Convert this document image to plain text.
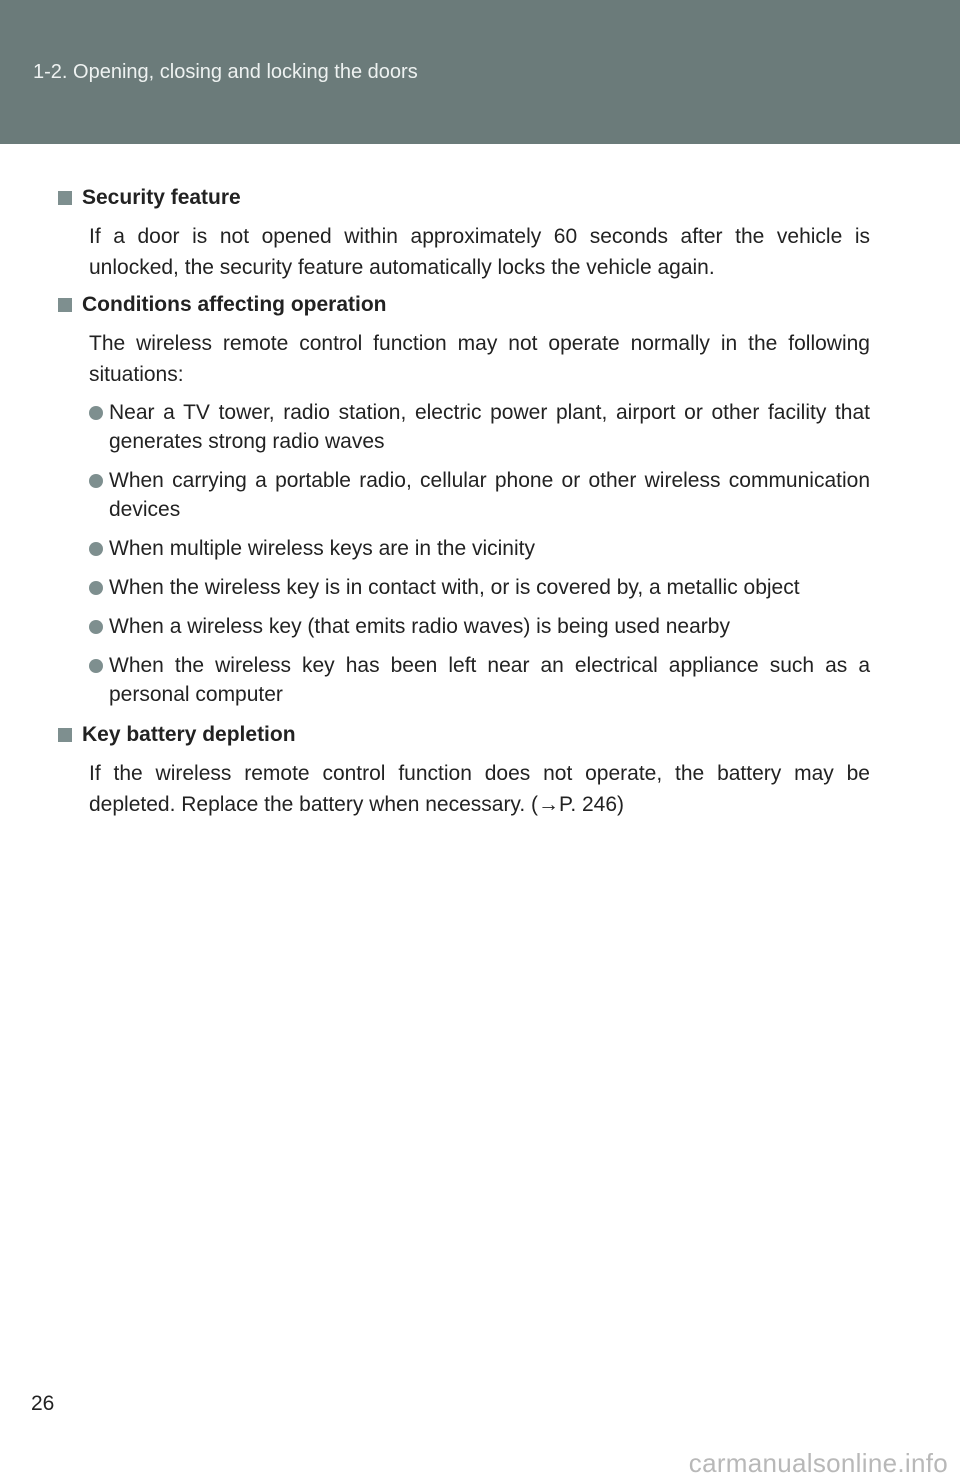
1-2. Opening, closing and locking the doors
Security feature

If a door is not opened within approximately 60 seconds after the vehicle is unlocked, the security feature automatically locks the vehicle again.

Conditions affecting operation

The wireless remote control function may not operate normally in the following situations:

Near a TV tower, radio station, electric power plant, airport or other facility that generates strong radio waves
When carrying a portable radio, cellular phone or other wireless communication devices
When multiple wireless keys are in the vicinity
When the wireless key is in contact with, or is covered by, a metallic object
When a wireless key (that emits radio waves) is being used nearby
When the wireless key has been left near an electrical appliance such as a personal computer
Key battery depletion

If the wireless remote control function does not operate, the battery may be depleted. Replace the battery when necessary. (→P. 246)

26
carmanualsonline.info
